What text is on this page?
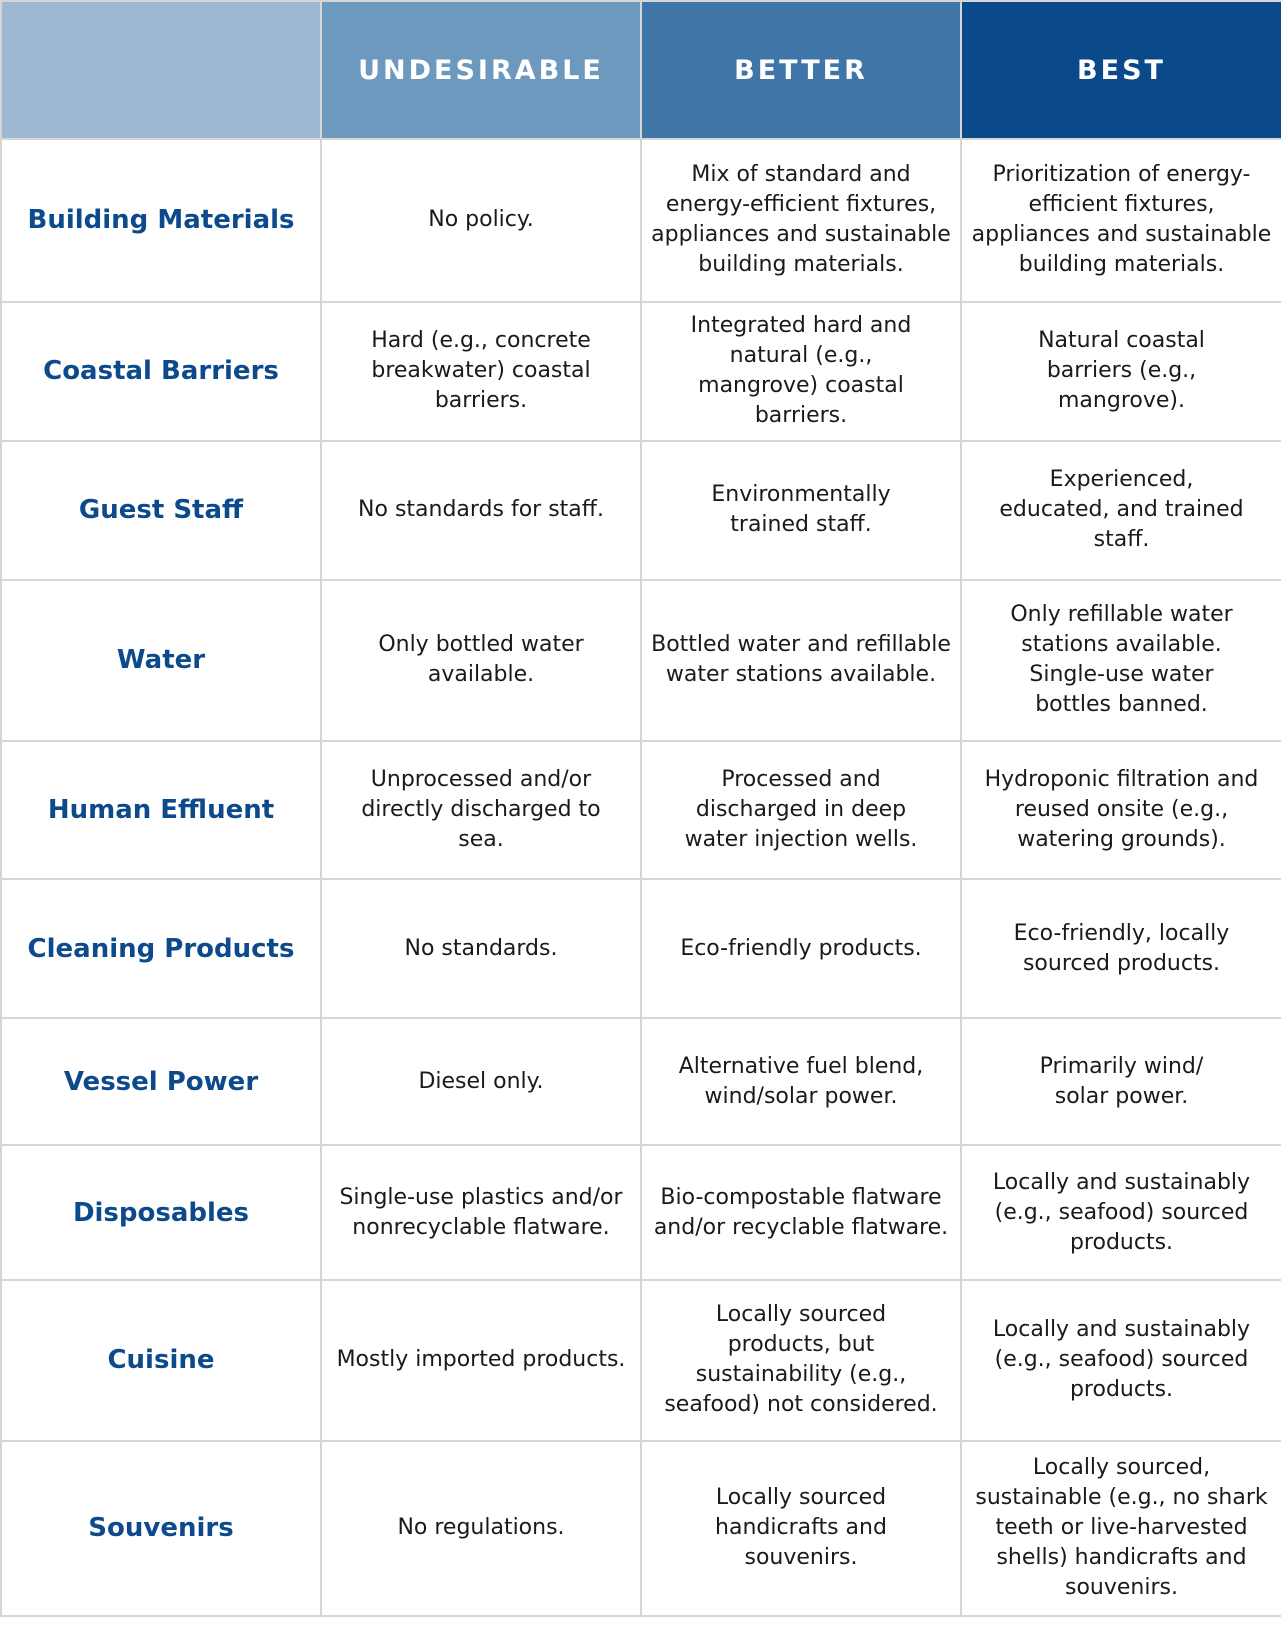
	UNDESIRABLE	BETTER	BEST
Building Materials	No policy.	Mix of standard and energy-efficient fixtures, appliances and sustainable building materials.	Prioritization of energy-efficient fixtures, appliances and sustainable building materials.
Coastal Barriers	Hard (e.g., concrete breakwater) coastal barriers.	Integrated hard and natural (e.g., mangrove) coastal barriers.	Natural coastal barriers (e.g., mangrove).
Guest Staff	No standards for staff.	Environmentally trained staff.	Experienced, educated, and trained staff.
Water	Only bottled water available.	Bottled water and refillable water stations available.	Only refillable water stations available. Single-use water bottles banned.
Human Effluent	Unprocessed and/or directly discharged to sea.	Processed and discharged in deep water injection wells.	Hydroponic filtration and reused onsite (e.g., watering grounds).
Cleaning Products	No standards.	Eco-friendly products.	Eco-friendly, locally sourced products.
Vessel Power	Diesel only.	Alternative fuel blend, wind/solar power.	Primarily wind/ solar power.
Disposables	Single-use plastics and/or nonrecyclable flatware.	Bio-compostable flatware and/or recyclable flatware.	Locally and sustainably (e.g., seafood) sourced products.
Cuisine	Mostly imported products.	Locally sourced products, but sustainability (e.g., seafood) not considered.	Locally and sustainably (e.g., seafood) sourced products.
Souvenirs	No regulations.	Locally sourced handicrafts and souvenirs.	Locally sourced, sustainable (e.g., no shark teeth or live-harvested shells) handicrafts and souvenirs.
